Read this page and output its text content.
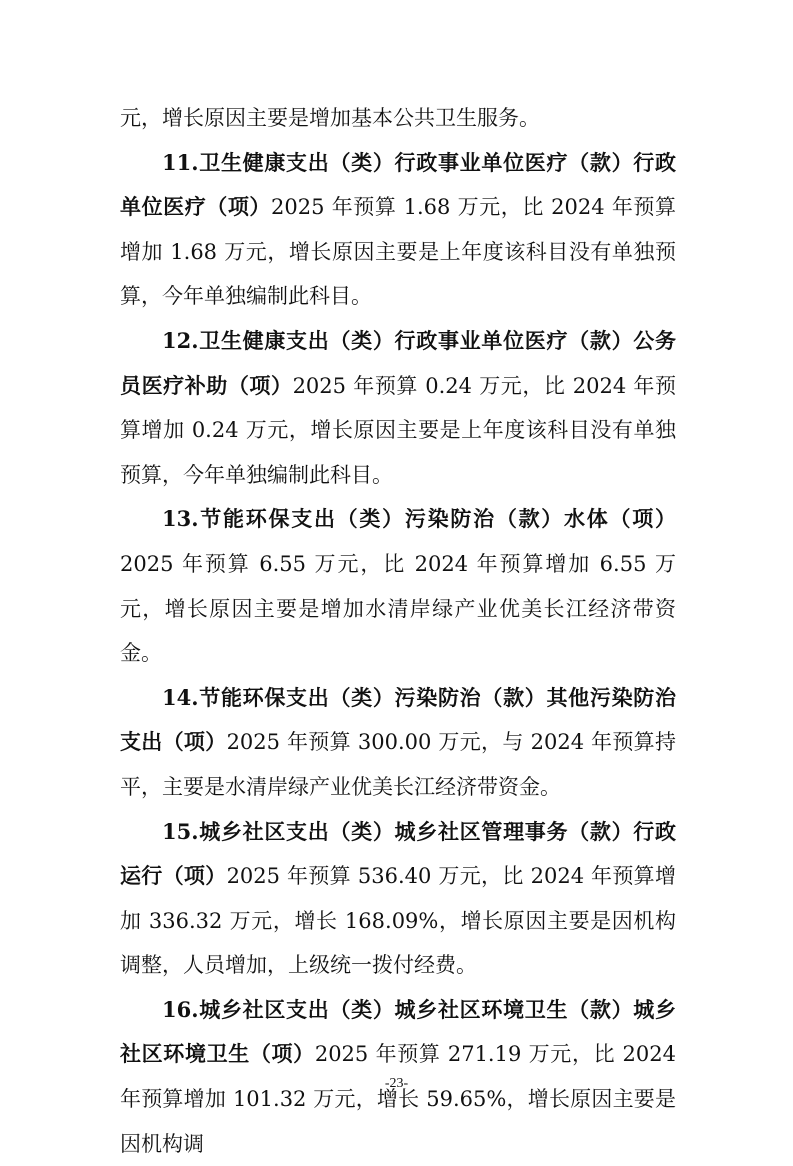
元，增长原因主要是增加基本公共卫生服务。

11.卫生健康支出（类）行政事业单位医疗（款）行政单位医疗（项）2025 年预算 1.68 万元，比 2024 年预算增加 1.68 万元，增长原因主要是上年度该科目没有单独预算，今年单独编制此科目。

12.卫生健康支出（类）行政事业单位医疗（款）公务员医疗补助（项）2025 年预算 0.24 万元，比 2024 年预算增加 0.24 万元，增长原因主要是上年度该科目没有单独预算，今年单独编制此科目。

13.节能环保支出（类）污染防治（款）水体（项）2025 年预算 6.55 万元，比 2024 年预算增加 6.55 万元，增长原因主要是增加水清岸绿产业优美长江经济带资金。

14.节能环保支出（类）污染防治（款）其他污染防治支出（项）2025 年预算 300.00 万元，与 2024 年预算持平，主要是水清岸绿产业优美长江经济带资金。

15.城乡社区支出（类）城乡社区管理事务（款）行政运行（项）2025 年预算 536.40 万元，比 2024 年预算增加 336.32 万元，增长 168.09%，增长原因主要是因机构调整，人员增加，上级统一拨付经费。

16.城乡社区支出（类）城乡社区环境卫生（款）城乡社区环境卫生（项）2025 年预算 271.19 万元，比 2024 年预算增加 101.32 万元，增长 59.65%，增长原因主要是因机构调

-23-
